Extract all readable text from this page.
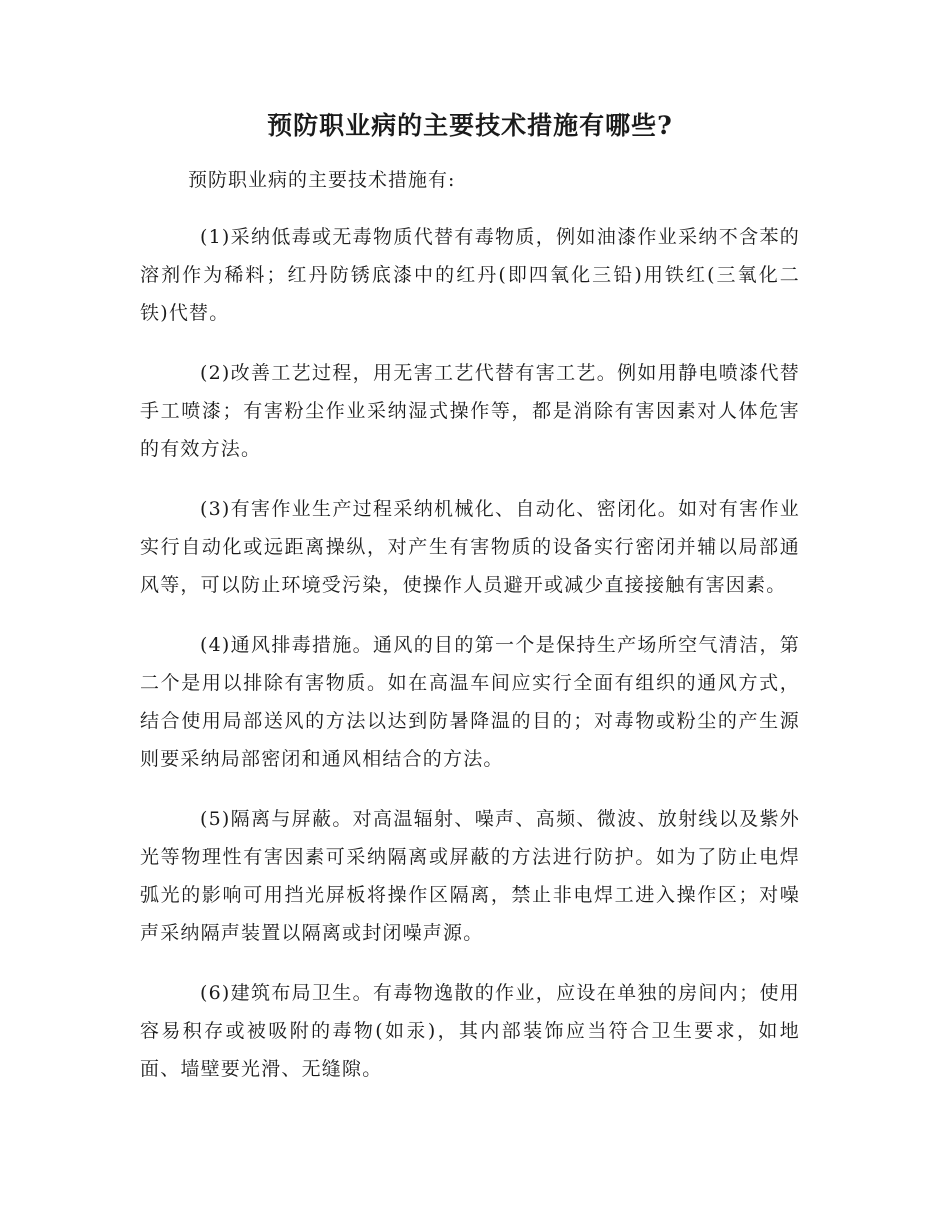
预防职业病的主要技术措施有哪些?

预防职业病的主要技术措施有:

(1)采纳低毒或无毒物质代替有毒物质，例如油漆作业采纳不含苯的溶剂作为稀料；红丹防锈底漆中的红丹(即四氧化三铅)用铁红(三氧化二铁)代替。

(2)改善工艺过程，用无害工艺代替有害工艺。例如用静电喷漆代替手工喷漆；有害粉尘作业采纳湿式操作等，都是消除有害因素对人体危害的有效方法。

(3)有害作业生产过程采纳机械化、自动化、密闭化。如对有害作业实行自动化或远距离操纵，对产生有害物质的设备实行密闭并辅以局部通风等，可以防止环境受污染，使操作人员避开或减少直接接触有害因素。

(4)通风排毒措施。通风的目的第一个是保持生产场所空气清洁，第二个是用以排除有害物质。如在高温车间应实行全面有组织的通风方式，结合使用局部送风的方法以达到防暑降温的目的；对毒物或粉尘的产生源则要采纳局部密闭和通风相结合的方法。

(5)隔离与屏蔽。对高温辐射、噪声、高频、微波、放射线以及紫外光等物理性有害因素可采纳隔离或屏蔽的方法进行防护。如为了防止电焊弧光的影响可用挡光屏板将操作区隔离，禁止非电焊工进入操作区；对噪声采纳隔声装置以隔离或封闭噪声源。

(6)建筑布局卫生。有毒物逸散的作业，应设在单独的房间内；使用容易积存或被吸附的毒物(如汞)，其内部装饰应当符合卫生要求，如地面、墙壁要光滑、无缝隙。
